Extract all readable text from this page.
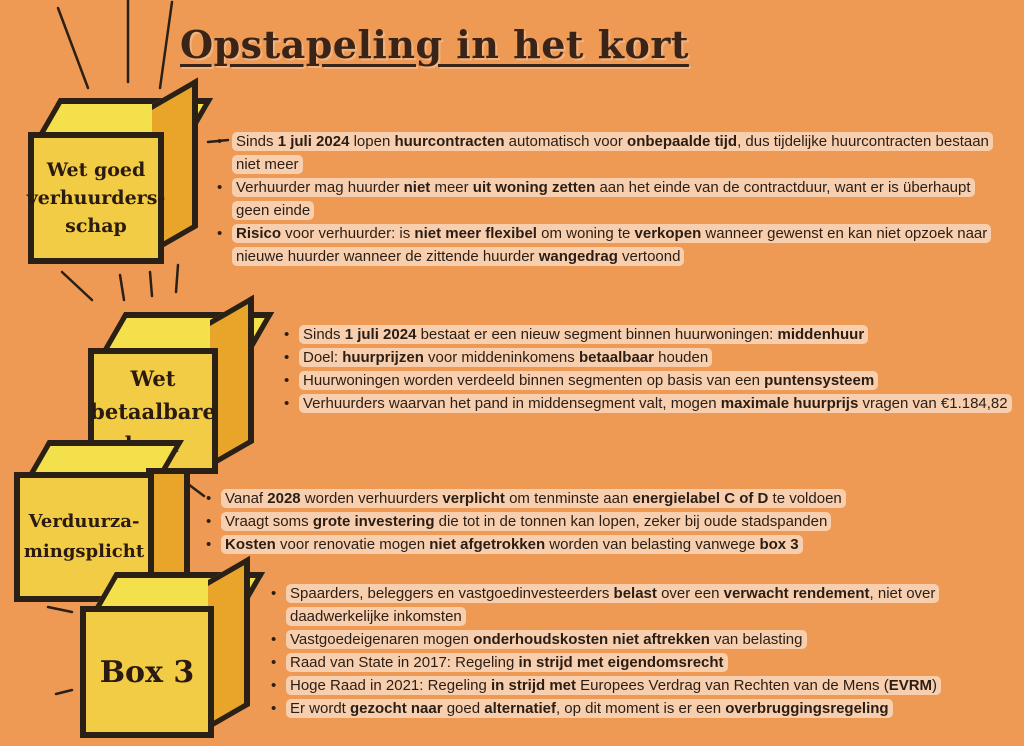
Opstapeling in het kort
Wet goed verhuurders-schap
Wet betaalbare
Verduurza-mingsplicht
Box 3
• Sinds 1 juli 2024 lopen huurcontracten automatisch voor onbepaalde tijd, dus tijdelijke huurcontracten bestaan niet meer
• Verhuurder mag huurder niet meer uit woning zetten aan het einde van de contractduur, want er is überhaupt geen einde
• Risico voor verhuurder: is niet meer flexibel om woning te verkopen wanneer gewenst en kan niet opzoek naar nieuwe huurder wanneer de zittende huurder wangedrag vertoond
• Sinds 1 juli 2024 bestaat er een nieuw segment binnen huurwoningen: middenhuur
• Doel: huurprijzen voor middeninkomens betaalbaar houden
• Huurwoningen worden verdeeld binnen segmenten op basis van een puntensysteem
• Verhuurders waarvan het pand in middensegment valt, mogen maximale huurprijs vragen van €1.184,82
• Vanaf 2028 worden verhuurders verplicht om tenminste aan energielabel C of D te voldoen
• Vraagt soms grote investering die tot in de tonnen kan lopen, zeker bij oude stadspanden
• Kosten voor renovatie mogen niet afgetrokken worden van belasting vanwege box 3
• Spaarders, beleggers en vastgoedinvesteerders belast over een verwacht rendement, niet over daadwerkelijke inkomsten
• Vastgoedeigenaren mogen onderhoudskosten niet aftrekken van belasting
• Raad van State in 2017: Regeling in strijd met eigendomsrecht
• Hoge Raad in 2021: Regeling in strijd met Europees Verdrag van Rechten van de Mens (EVRM)
• Er wordt gezocht naar goed alternatief, op dit moment is er een overbruggingsregeling
